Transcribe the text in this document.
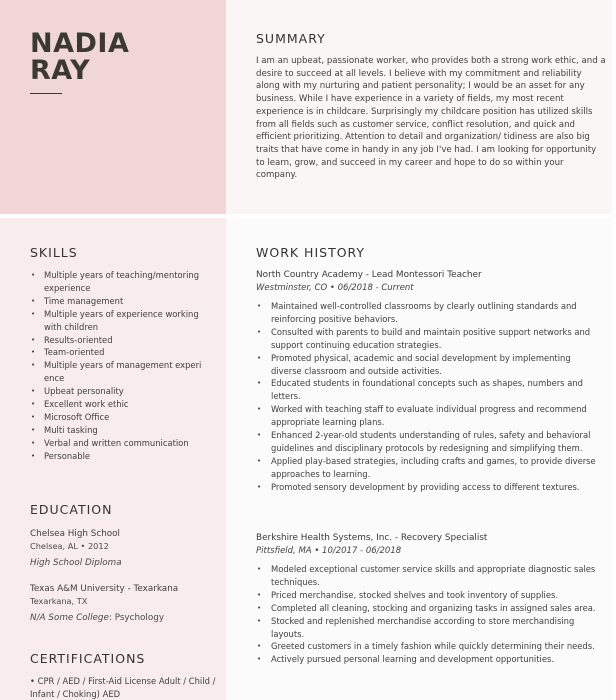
NADIA
RAY
SUMMARY
I am an upbeat, passionate worker, who provides both a strong work ethic, and a desire to succeed at all levels. I believe with my commitment and reliability along with my nurturing and patient personality; I would be an asset for any business. While I have experience in a variety of fields, my most recent experience is in childcare. Surprisingly my childcare position has utilized skills from all fields such as customer service, conflict resolution, and quick and efficient prioritizing. Attention to detail and organization/ tidiness are also big traits that have come in handy in any job I've had. I am looking for opportunity to learn, grow, and succeed in my career and hope to do so within your company.
SKILLS
• Multiple years of teaching/mentoring experience
• Time management
• Multiple years of experience working with children
• Results-oriented
• Team-oriented
• Multiple years of management experience
• Upbeat personality
• Excellent work ethic
• Microsoft Office
• Multi tasking
• Verbal and written communication
• Personable
EDUCATION
Chelsea High School
Chelsea, AL • 2012
High School Diploma
Texas A&M University - Texarkana
Texarkana, TX
N/A Some College: Psychology
CERTIFICATIONS
• CPR / AED / First-Aid License Adult / Child / Infant / Choking) AED
WORK HISTORY
North Country Academy - Lead Montessori Teacher
Westminster, CO • 06/2018 - Current
• Maintained well-controlled classrooms by clearly outlining standards and reinforcing positive behaviors.
• Consulted with parents to build and maintain positive support networks and support continuing education strategies.
• Promoted physical, academic and social development by implementing diverse classroom and outside activities.
• Educated students in foundational concepts such as shapes, numbers and letters.
• Worked with teaching staff to evaluate individual progress and recommend appropriate learning plans.
• Enhanced 2-year-old students understanding of rules, safety and behavioral guidelines and disciplinary protocols by redesigning and simplifying them.
• Applied play-based strategies, including crafts and games, to provide diverse approaches to learning.
• Promoted sensory development by providing access to different textures.
Berkshire Health Systems, Inc. - Recovery Specialist
Pittsfield, MA • 10/2017 - 06/2018
• Modeled exceptional customer service skills and appropriate diagnostic sales techniques.
• Priced merchandise, stocked shelves and took inventory of supplies.
• Completed all cleaning, stocking and organizing tasks in assigned sales area.
• Stocked and replenished merchandise according to store merchandising layouts.
• Greeted customers in a timely fashion while quickly determining their needs.
• Actively pursued personal learning and development opportunities.
